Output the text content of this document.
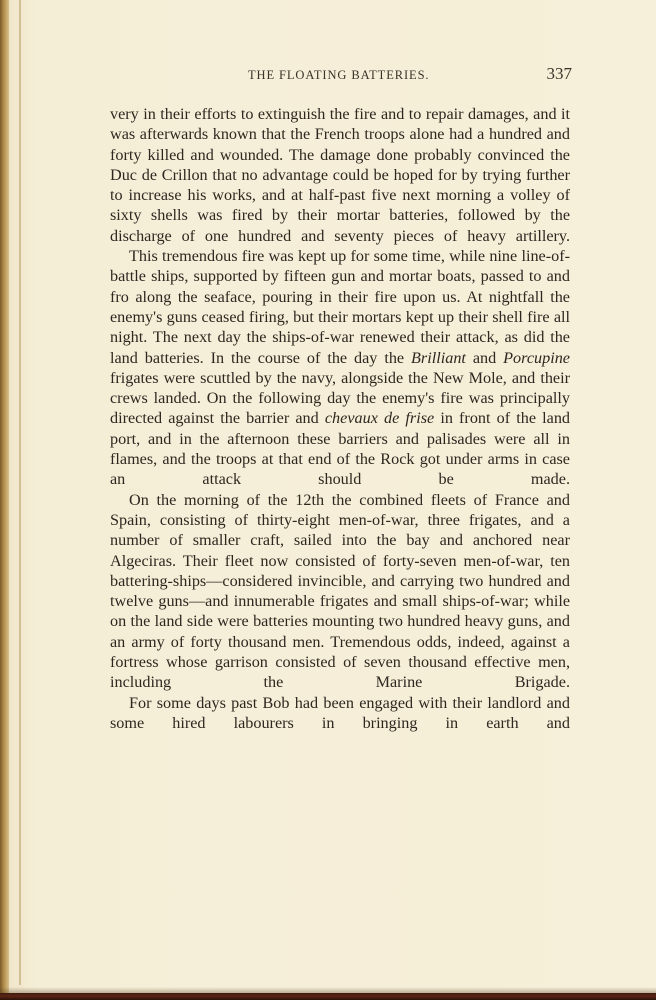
THE FLOATING BATTERIES.	337

very in their efforts to extinguish the fire and to repair damages, and it was afterwards known that the French troops alone had a hundred and forty killed and wounded. The damage done probably convinced the Duc de Crillon that no advantage could be hoped for by trying further to increase his works, and at half-past five next morning a volley of sixty shells was fired by their mortar batteries, followed by the discharge of one hundred and seventy pieces of heavy artillery.

This tremendous fire was kept up for some time, while nine line-of-battle ships, supported by fifteen gun and mortar boats, passed to and fro along the seaface, pouring in their fire upon us. At nightfall the enemy's guns ceased firing, but their mortars kept up their shell fire all night. The next day the ships-of-war renewed their attack, as did the land batteries. In the course of the day the Brilliant and Porcupine frigates were scuttled by the navy, alongside the New Mole, and their crews landed. On the following day the enemy's fire was principally directed against the barrier and chevaux de frise in front of the land port, and in the afternoon these barriers and palisades were all in flames, and the troops at that end of the Rock got under arms in case an attack should be made.

On the morning of the 12th the combined fleets of France and Spain, consisting of thirty-eight men-of-war, three frigates, and a number of smaller craft, sailed into the bay and anchored near Algeciras. Their fleet now consisted of forty-seven men-of-war, ten battering-ships—considered invincible, and carrying two hundred and twelve guns—and innumerable frigates and small ships-of-war; while on the land side were batteries mounting two hundred heavy guns, and an army of forty thousand men. Tremendous odds, indeed, against a fortress whose garrison consisted of seven thousand effective men, including the Marine Brigade.

For some days past Bob had been engaged with their landlord and some hired labourers in bringing in earth and
